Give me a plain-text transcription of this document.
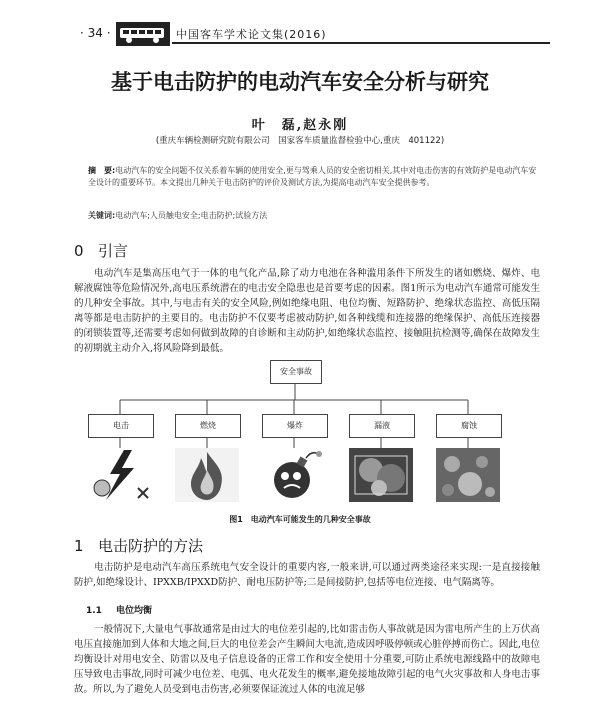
· 34 ·	中国客车学术论文集(2016)
基于电击防护的电动汽车安全分析与研究
叶　磊,赵永刚
(重庆车辆检测研究院有限公司　国家客车质量监督检验中心,重庆　401122)
摘　要:电动汽车的安全问题不仅关系着车辆的使用安全,更与驾乘人员的安全密切相关,其中对电击伤害的有效防护是电动汽车安全设计的重要环节。本文提出几种关于电击防护的评价及测试方法,为提高电动汽车安全提供参考。
关键词:电动汽车;人员触电安全;电击防护;试验方法
0 引言
电动汽车是集高压电气于一体的电气化产品,除了动力电池在各种滥用条件下所发生的诸如燃烧、爆炸、电解液腐蚀等危险情况外,高电压系统潜在的电击安全隐患也是首要考虑的因素。图1所示为电动汽车通常可能发生的几种安全事故。其中,与电击有关的安全风险,例如绝缘电阻、电位均衡、短路防护、绝缘状态监控、高低压隔离等都是电击防护的主要目的。电击防护不仅要考虑被动防护,如各种线缆和连接器的绝缘保护、高低压连接器的闭锁装置等,还需要考虑如何做到故障的自诊断和主动防护,如绝缘状态监控、接触阻抗检测等,确保在故障发生的初期就主动介入,将风险降到最低。
安全事故
电击	燃烧	爆炸	漏液	腐蚀
图1　电动汽车可能发生的几种安全事故
1 电击防护的方法
电击防护是电动汽车高压系统电气安全设计的重要内容,一般来讲,可以通过两类途径来实现:一是直接接触防护,如绝缘设计、IPXXB/IPXXD防护、耐电压防护等;二是间接防护,包括等电位连接、电气隔离等。
1.1 电位均衡
一般情况下,大量电气事故通常是由过大的电位差引起的,比如雷击伤人事故就是因为雷电所产生的上万伏高电压直接施加到人体和大地之间,巨大的电位差会产生瞬间大电流,造成因呼吸停顿或心脏停搏而伤亡。因此,电位均衡设计对用电安全、防雷以及电子信息设备的正常工作和安全使用十分重要,可防止系统电源线路中的故障电压导致电击事故,同时可减少电位差、电弧、电火花发生的概率,避免接地故障引起的电气火灾事故和人身电击事故。所以,为了避免人员受到电击伤害,必须要保证流过人体的电流足够
